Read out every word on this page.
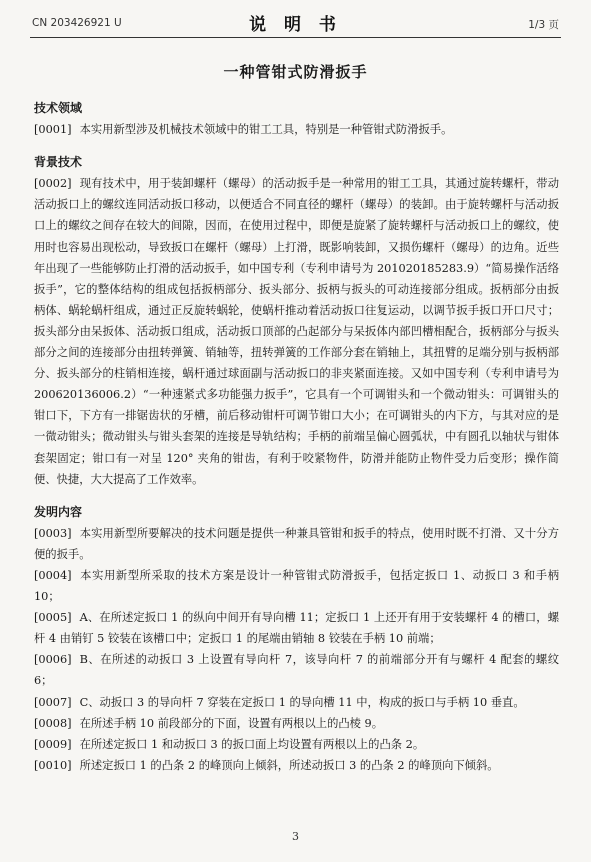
CN 203426921 U	说 明 书	1/3 页
一种管钳式防滑扳手

技术领域

[0001] 本实用新型涉及机械技术领域中的钳工工具，特别是一种管钳式防滑扳手。

背景技术

[0002] 现有技术中，用于装卸螺杆（螺母）的活动扳手是一种常用的钳工工具，其通过旋转螺杆，带动活动扳口上的螺纹连同活动扳口移动，以便适合不同直径的螺杆（螺母）的装卸。由于旋转螺杆与活动扳口上的螺纹之间存在较大的间隙，因而，在使用过程中，即便是旋紧了旋转螺杆与活动扳口上的螺纹，使用时也容易出现松动，导致扳口在螺杆（螺母）上打滑，既影响装卸，又损伤螺杆（螺母）的边角。近些年出现了一些能够防止打滑的活动扳手，如中国专利（专利申请号为 201020185283.9）“简易操作活络扳手”，它的整体结构的组成包括扳柄部分、扳头部分、扳柄与扳头的可动连接部分组成。扳柄部分由扳柄体、蜗轮蜗杆组成，通过正反旋转蜗轮，使蜗杆推动着活动扳口往复运动，以调节扳手扳口开口尺寸；扳头部分由呆扳体、活动扳口组成，活动扳口顶部的凸起部分与呆扳体内部凹槽相配合，扳柄部分与扳头部分之间的连接部分由扭转弹簧、销轴等，扭转弹簧的工作部分套在销轴上，其扭臂的足端分别与扳柄部分、扳头部分的柱销相连接，蜗杆通过球面副与活动扳口的非夹紧面连接。又如中国专利（专利申请号为 200620136006.2）“一种速紧式多功能强力扳手”，它具有一个可调钳头和一个微动钳头：可调钳头的钳口下，下方有一排锯齿状的牙槽，前后移动钳杆可调节钳口大小；在可调钳头的内下方，与其对应的是一微动钳头；微动钳头与钳头套架的连接是导轨结构；手柄的前端呈偏心圆弧状，中有圆孔以轴状与钳体套架固定；钳口有一对呈 120° 夹角的钳齿，有利于咬紧物件，防滑并能防止物件受力后变形；操作简便、快捷，大大提高了工作效率。

发明内容

[0003] 本实用新型所要解决的技术问题是提供一种兼具管钳和扳手的特点，使用时既不打滑、又十分方便的扳手。

[0004] 本实用新型所采取的技术方案是设计一种管钳式防滑扳手，包括定扳口 1、动扳口 3 和手柄 10；

[0005] A、在所述定扳口 1 的纵向中间开有导向槽 11；定扳口 1 上还开有用于安装螺杆 4 的槽口，螺杆 4 由销钉 5 铰装在该槽口中；定扳口 1 的尾端由销轴 8 铰装在手柄 10 前端；

[0006] B、在所述的动扳口 3 上设置有导向杆 7，该导向杆 7 的前端部分开有与螺杆 4 配套的螺纹 6；

[0007] C、动扳口 3 的导向杆 7 穿装在定扳口 1 的导向槽 11 中，构成的扳口与手柄 10 垂直。

[0008] 在所述手柄 10 前段部分的下面，设置有两根以上的凸棱 9。

[0009] 在所述定扳口 1 和动扳口 3 的扳口面上均设置有两根以上的凸条 2。

[0010] 所述定扳口 1 的凸条 2 的峰顶向上倾斜，所述动扳口 3 的凸条 2 的峰顶向下倾斜。

3
